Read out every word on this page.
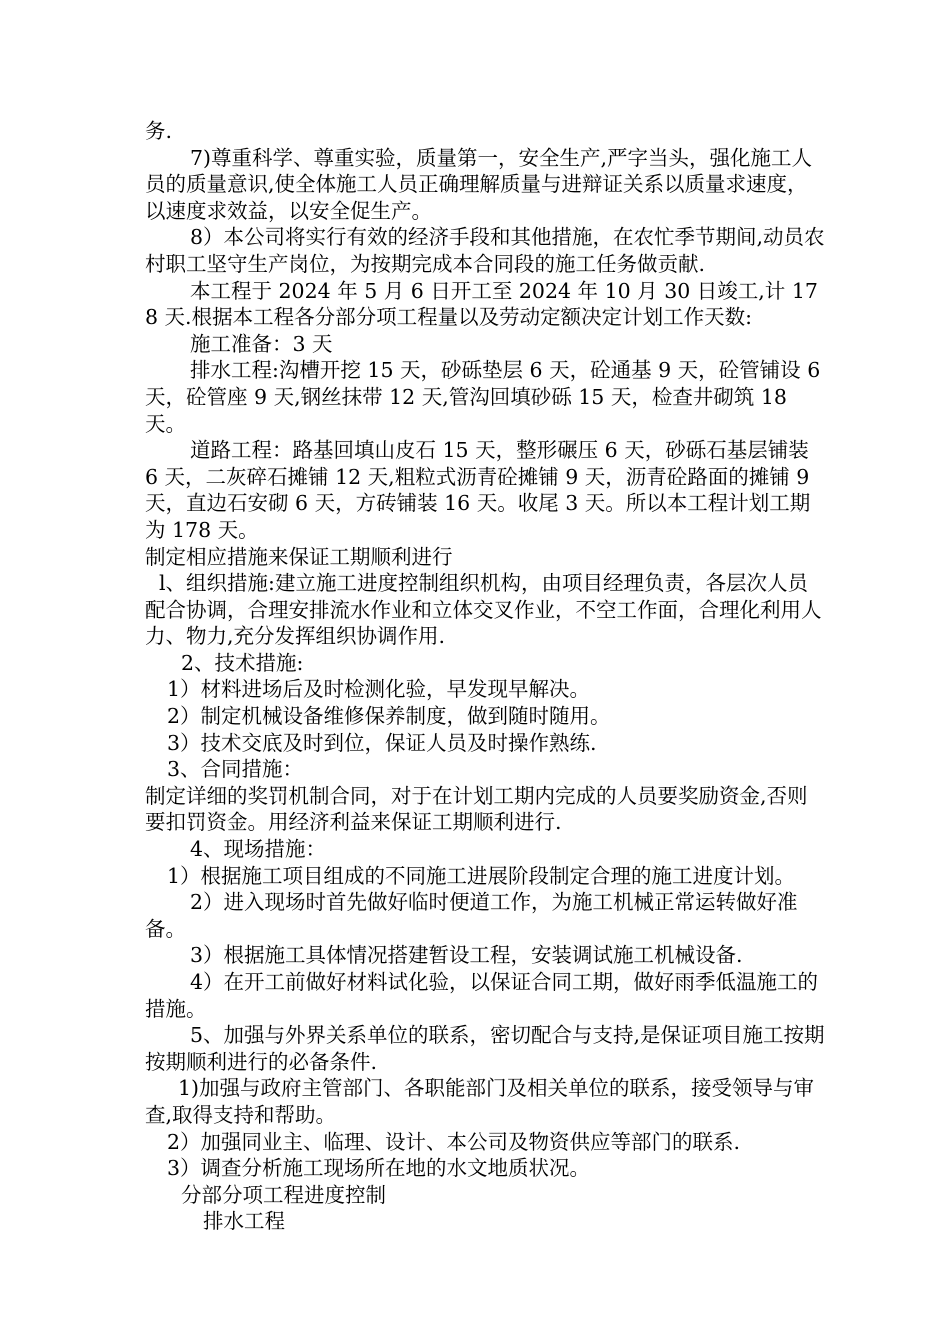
务.

7)尊重科学、尊重实验，质量第一，安全生产,严字当头，强化施工人员的质量意识,使全体施工人员正确理解质量与进辩证关系以质量求速度，以速度求效益，以安全促生产。

8）本公司将实行有效的经济手段和其他措施，在农忙季节期间,动员农村职工坚守生产岗位，为按期完成本合同段的施工任务做贡献.

本工程于 2024 年 5 月 6 日开工至 2024 年 10 月 30 日竣工,计 178 天.根据本工程各分部分项工程量以及劳动定额决定计划工作天数:

施工准备：3 天

排水工程:沟槽开挖 15 天，砂砾垫层 6 天，砼通基 9 天，砼管铺设 6 天，砼管座 9 天,钢丝抹带 12 天,管沟回填砂砾 15 天，检查井砌筑 18 天。

道路工程：路基回填山皮石 15 天，整形碾压 6 天，砂砾石基层铺装 6 天，二灰碎石摊铺 12 天,粗粒式沥青砼摊铺 9 天，沥青砼路面的摊铺 9 天，直边石安砌 6 天，方砖铺装 16 天。收尾 3 天。所以本工程计划工期为 178 天。

制定相应措施来保证工期顺利进行

l、组织措施:建立施工进度控制组织机构，由项目经理负责，各层次人员配合协调，合理安排流水作业和立体交叉作业，不空工作面，合理化利用人力、物力,充分发挥组织协调作用.

2、技术措施:

1）材料进场后及时检测化验，早发现早解决。

2）制定机械设备维修保养制度，做到随时随用。

3）技术交底及时到位，保证人员及时操作熟练.

3、合同措施：

制定详细的奖罚机制合同，对于在计划工期内完成的人员要奖励资金,否则要扣罚资金。用经济利益来保证工期顺利进行.

4、现场措施：

1）根据施工项目组成的不同施工进展阶段制定合理的施工进度计划。

2）进入现场时首先做好临时便道工作，为施工机械正常运转做好准备。

3）根据施工具体情况搭建暂设工程，安装调试施工机械设备.

4）在开工前做好材料试化验，以保证合同工期，做好雨季低温施工的措施。

5、加强与外界关系单位的联系，密切配合与支持,是保证项目施工按期按期顺利进行的必备条件.

1)加强与政府主管部门、各职能部门及相关单位的联系，接受领导与审查,取得支持和帮助。

2）加强同业主、临理、设计、本公司及物资供应等部门的联系.

3）调查分析施工现场所在地的水文地质状况。

分部分项工程进度控制

排水工程
